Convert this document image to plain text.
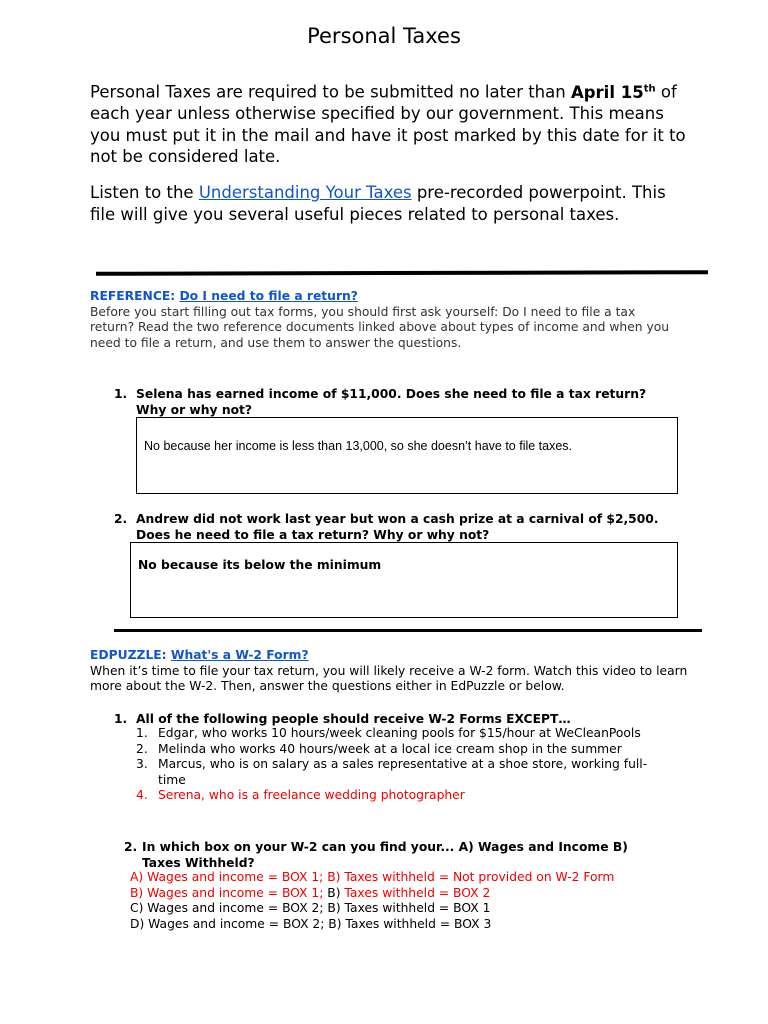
Personal Taxes
Personal Taxes are required to be submitted no later than April 15th of each year unless otherwise specified by our government. This means you must put it in the mail and have it post marked by this date for it to not be considered late.
Listen to the Understanding Your Taxes pre-recorded powerpoint. This file will give you several useful pieces related to personal taxes.
REFERENCE: Do I need to file a return?
Before you start filling out tax forms, you should first ask yourself: Do I need to file a tax return? Read the two reference documents linked above about types of income and when you need to file a return, and use them to answer the questions.
1. Selena has earned income of $11,000. Does she need to file a tax return? Why or why not?
No because her income is less than 13,000, so she doesn’t have to file taxes.
2. Andrew did not work last year but won a cash prize at a carnival of $2,500. Does he need to file a tax return? Why or why not?
No because its below the minimum
EDPUZZLE: What's a W-2 Form?
When it’s time to file your tax return, you will likely receive a W-2 form. Watch this video to learn more about the W-2. Then, answer the questions either in EdPuzzle or below.
1. All of the following people should receive W-2 Forms EXCEPT…
1. Edgar, who works 10 hours/week cleaning pools for $15/hour at WeCleanPools
2. Melinda who works 40 hours/week at a local ice cream shop in the summer
3. Marcus, who is on salary as a sales representative at a shoe store, working full-time
4. Serena, who is a freelance wedding photographer
2. In which box on your W-2 can you find your... A) Wages and Income B) Taxes Withheld?
A) Wages and income = BOX 1; B) Taxes withheld = Not provided on W-2 Form
B) Wages and income = BOX 1; B) Taxes withheld = BOX 2
C) Wages and income = BOX 2; B) Taxes withheld = BOX 1
D) Wages and income = BOX 2; B) Taxes withheld = BOX 3
